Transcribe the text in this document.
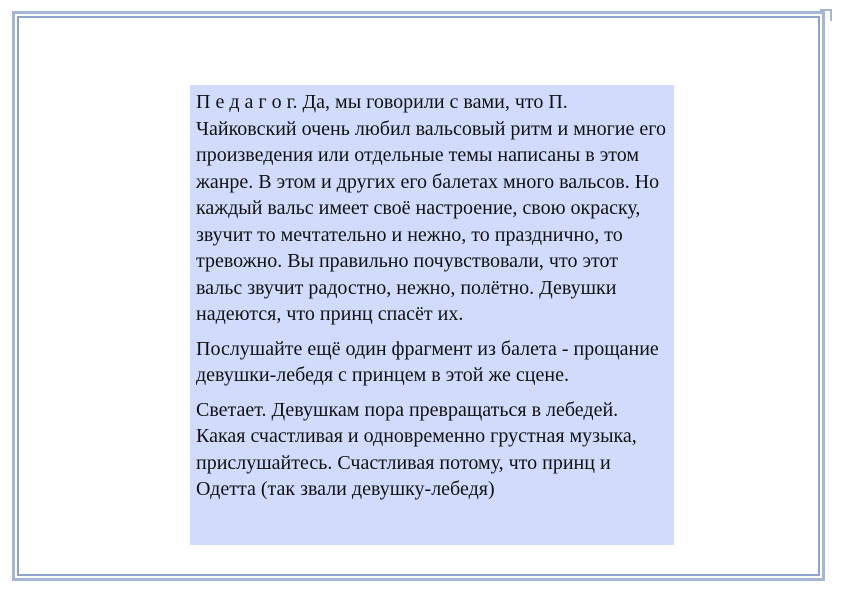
П е д а г о г. Да, мы говорили с вами, что П. Чайковский очень любил вальсовый ритм и многие его произведения или отдельные темы написаны в этом жанре. В этом и других его балетах много вальсов. Но каждый вальс имеет своё настроение, свою окраску, звучит то мечтательно и нежно, то празднично, то тревожно. Вы правильно почувствовали, что этот вальс звучит радостно, нежно, полётно. Девушки надеются, что принц спасёт их.

Послушайте ещё один фрагмент из балета - прощание девушки-лебедя с принцем в этой же сцене.

Светает. Девушкам пора превращаться в лебедей. Какая счастливая и одновременно грустная музыка, прислушайтесь. Счастливая потому, что принц и Одетта (так звали девушку-лебедя)
